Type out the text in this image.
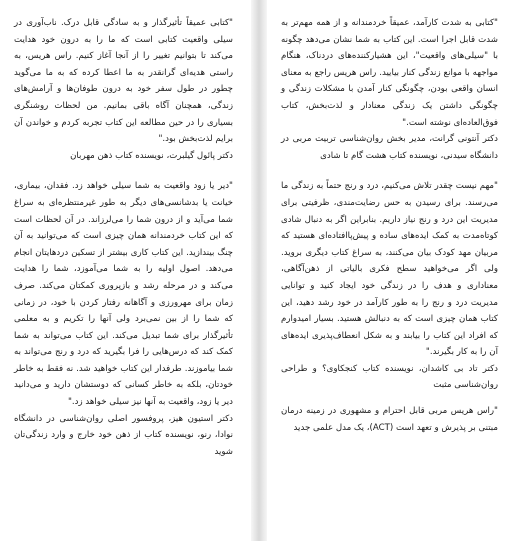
"کتابی عمیقاً تأثیرگذار و به سادگی قابل درک. ناب‌آوری در سیلی واقعیت کتابی است که ما را به درون خود هدایت می‌کند تا بتوانیم تغییر را از آنجا آغاز کنیم. راس هریس، به راستی هدیه‌ای گرانقدر به ما اعطا کرده که به ما می‌گوید چطور در طول سفر خود به درون طوفان‌ها و آرامش‌های زندگی، همچنان آگاه باقی بمانیم. من لحظات روشنگری بسیاری را در حین مطالعه این کتاب تجربه کردم و خواندن آن برایم لذت‌بخش بود."

دکتر پائول گیلبرت، نویسنده کتاب ذهن مهربان

"دیر یا زود واقعیت به شما سیلی خواهد زد. فقدان، بیماری، خیانت یا بدشانسی‌های دیگر به طور غیرمنتظره‌ای به سراغ شما می‌آید و از درون شما را می‌لرزاند. در آن لحظات است که این کتاب خردمندانه همان چیزی است که می‌توانید به آن چنگ بیندازید. این کتاب کاری بیشتر از تسکین دردهایتان انجام می‌دهد. اصول اولیه را به شما می‌آموزد، شما را هدایت می‌کند و در مرحله رشد و بازپروری کمکتان می‌کند. صرف زمان برای مهرورزی و آگاهانه رفتار کردن با خود، در زمانی که شما را از بین نمی‌برد ولی آنها را تکریم و به معلمی تأثیرگذار برای شما تبدیل می‌کند. این کتاب می‌تواند به شما کمک کند که درس‌هایی را فرا بگیرید که درد و رنج می‌تواند به شما بیاموزند. طرفدار این کتاب خواهید شد. نه فقط به خاطر خودتان، بلکه به خاطر کسانی که دوستشان دارید و می‌دانید دیر یا زود، واقعیت به آنها نیز سیلی خواهد زد."

دکتر استیون هیز، پروفسور اصلی روان‌شناسی در دانشگاه نوادا، رنو، نویسنده کتاب از ذهن خود خارج و وارد زندگی‌تان شوید

"کتابی به شدت کارآمد، عمیقاً خردمندانه و از همه مهم‌تر به شدت قابل اجرا است. این کتاب به شما نشان می‌دهد چگونه با "سیلی‌های واقعیت"، این هشیارکننده‌های دردناک، هنگام مواجهه با موانع زندگی کنار بیایید. راس هریس راجع به معنای انسان واقعی بودن، چگونگی کنار آمدن با مشکلات زندگی و چگونگی داشتن یک زندگی معنادار و لذت‌بخش، کتاب فوق‌العاده‌ای نوشته است."

دکتر آنتونی گرانت، مدیر بخش روان‌شناسی تربیت مربی در دانشگاه سیدنی، نویسنده کتاب هشت گام تا شادی

"مهم نیست چقدر تلاش می‌کنیم، درد و رنج حتماً به زندگی ما می‌رسند. برای رسیدن به حس رضایت‌مندی، ظرفیتی برای مدیریت این درد و رنج نیاز داریم. بنابراین اگر به دنبال شادی کوتاه‌مدت به کمک ایده‌های ساده و پیش‌پاافتاده‌ای هستید که مربیان مهد کودک بیان می‌کنند، به سراغ کتاب دیگری بروید. ولی اگر می‌خواهید سطح فکری بالیاتی از ذهن‌آگاهی، معناداری و هدف را در زندگی خود ایجاد کنید و توانایی مدیریت درد و رنج را به طور کارآمد در خود رشد دهید، این کتاب همان چیزی است که به دنبالش هستید. بسیار امیدوارم که افراد این کتاب را بیابند و به شکل انعطاف‌پذیری ایده‌های آن را به کار بگیرند."

دکتر تاد بی کاشدان، نویسنده کتاب کنجکاوی؟ و طراحی روان‌شناسی مثبت

"راس هریس مربی قابل احترام و مشهوری در زمینه درمان مبتنی بر پذیرش و تعهد است (ACT)، یک مدل علمی جدید
